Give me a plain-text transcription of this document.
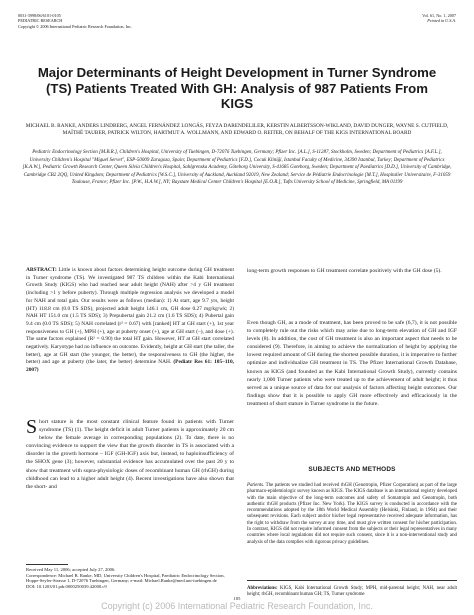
0031-3998/06/6101-0105
PEDIATRIC RESEARCH
Copyright © 2006 International Pediatric Research Foundation, Inc.
Vol. 61, No. 1, 2007
Printed in U.S.A.
Major Determinants of Height Development in Turner Syndrome (TS) Patients Treated With GH: Analysis of 987 Patients From KIGS
MICHAEL B. RANKE, ANDERS LINDBERG, ANGEL FERNÁNDEZ LONGÁS, FEYZA DARENDELILER, KERSTIN ALBERTSSON-WIKLAND, DAVID DUNGER, WAYNE S. CUTFIELD, MAÏTHÉ TAUBER, PATRICK WILTON, HARTMUT A. WOLLMANN, AND EDWARD O. REITER, ON BEHALF OF THE KIGS INTERNATIONAL BOARD
Pediatric Endocrinology Section [M.B.R.], Children's Hospital, University of Tuebingen, D-72076 Tuebingen, Germany; Pfizer Inc. [A.L.], S-11287, Stockholm, Sweden; Department of Pediatrics [A.F.L.], University Children's Hospital "Miguel Servet", ESP-50009 Zaragoza, Spain; Department of Pediatrics [F.D.], Cocuk Kliniği, Istanbul Faculty of Medicine, 34390 Istanbul, Turkey; Department of Pediatrics [K.A.W.], Pediatric Growth Research Center, Queen Silvia Children's Hospital, Sahlgrenska Academy, Göteborg University, S-41685 Goteborg, Sweden; Department of Paediatrics [D.D.], University of Cambridge, Cambridge CB2 2QQ, United Kingdom; Department of Pediatrics [W.S.C.], University of Auckland, Auckland 92019, New Zealand; Service de Pédiatrie Endocrinologie [M.T.], Hospitalier Universitaire, F-31059 Toulouse, France; Pfizer Inc. [P.W., H.A.W.], NY; Baystate Medical Center Children's Hospital [E.O.R.], Tufts University School of Medicine, Springfield, MA 01199
ABSTRACT: Little is known about factors determining height outcome during GH treatment in Turner syndrome (TS). We investigated 987 TS children within the Kabi International Growth Study (KIGS) who had reached near adult height (NAH) after >4 y GH treatment (including >1 y before puberty). Through multiple regression analysis we developed a model for NAH and total gain. Our results were as follows (median): 1) At start, age 9.7 yrs, height (HT) 118.8 cm (0.0 TS SDS), projected adult height 146.1 cm, GH dose 0.27 mg/kg/wk; 2) NAH HT 151.0 cm (1.5 TS SDS); 3) Prepubertal gain 21.2 cm (1.6 TS SDS); 4) Pubertal gain 9.4 cm (0.0 TS SDS); 5) NAH correlated (r² = 0.67) with [ranked] HT at GH start (+), 1st year responsiveness to GH (+), MPH (+), age at puberty onset (+), age at GH start (–), and dose (+). The same factors explained (R² = 0.90) the total HT gain. However, HT at GH start correlated negatively. Karyotype had no influence on outcome. Evidently, height at GH start (the taller, the better), age at GH start (the younger, the better), the responsiveness to GH (the higher, the better) and age at puberty (the later, the better) determine NAH. (Pediatr Res 61: 105–110, 2007)
Short stature is the most constant clinical feature found in patients with Turner syndrome (TS) (1). The height deficit in adult Turner patients is approximately 20 cm below the female average in corresponding populations (2). To date, there is no convincing evidence to support the view that the growth disorder in TS is associated with a disorder in the growth hormone – IGF (GH-IGF) axis but, instead, to haploinsufficiency of the SHOX gene (3); however, substantial evidence has accumulated over the past 20 y to show that treatment with supra-physiologic doses of recombinant human GH (rhGH) during childhood can lead to a higher adult height (4). Recent investigations have also shown that the short- and
Received May 11, 2006; accepted July 27, 2006.
Correspondence: Michael B. Ranke, MD, University Children's Hospital, Paediatric Endocrinology Section, Hoppe-Seyler-Strasse 1, D-72076 Tuebingen, Germany; e-mail: Michael.Ranke@med.uni-tuebingen.de
DOI: 10.1203/01.pdr.0000250039.42000.c9
long-term growth responses to GH treatment correlate positively with the GH dose (5).
Even though GH, as a mode of treatment, has been proved to be safe (6,7), it is not possible to completely rule out the risks which may arise due to long-term elevation of GH and IGF levels (8). In addition, the cost of GH treatment is also an important aspect that needs to be considered (9). Therefore, in aiming to achieve the normalization of height by applying the lowest required amount of GH during the shortest possible duration, it is imperative to further optimize and individualize GH treatment in TS. The Pfizer International Growth Database, known as KIGS (and founded as the Kabi International Growth Study), currently contains nearly 1,000 Turner patients who were treated up to the achievement of adult height; it thus served as a unique source of data for our analysis of factors affecting height outcomes. Our findings show that it is possible to apply GH more effectively and efficaciously in the treatment of short stature in Turner syndrome in the future.
SUBJECTS AND METHODS
Patients. The patients we studied had received rhGH (Genotropin, Pfizer Corporation) as part of the large pharmaco-epidemiologic survey known as KIGS. The KIGS database is an international registry developed with the main objective of the long-term outcomes and safety of Somatropin and Genotropin, both authentic rhGH products (Pfizer Inc. New York). The KIGS survey is conducted in accordance with the recommendations adopted by the 18th World Medical Assembly (Helsinki, Finland, in 1964) and their subsequent revisions. Each subject and/or his/her legal representative received adequate information, has the right to withdraw from the survey at any time, and must give written consent for his/her participation. In contrast, KIGS did not require informed consent from the subjects or their legal representatives in many countries where local regulations did not require such consent, since it is a non-interventional study and analysis of the data complies with rigorous privacy guidelines.
Abbreviations: KIGS, Kabi International Growth Study; MPH, mid-parental height; NAH, near adult height; rhGH, recombinant human GH; TS, Turner syndrome
105
Copyright (c) 2006 International Pediatric Research Foundation, Inc.
